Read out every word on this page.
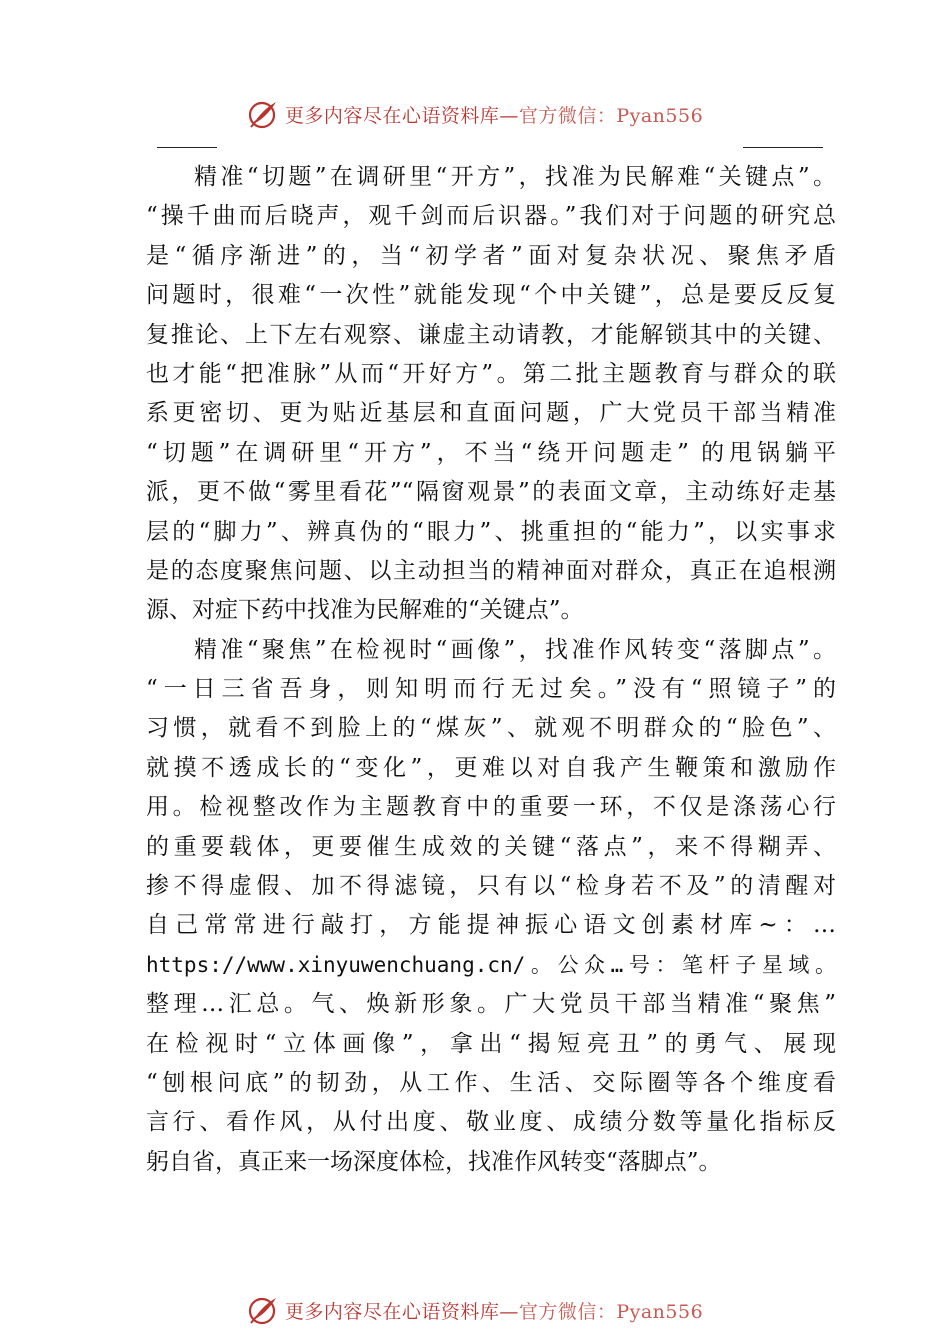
更多内容尽在心语资料库—官方微信：Pyan556
精准“切题”在调研里“开方”，找准为民解难“关键点”。
“操千曲而后晓声，观千剑而后识器。”我们对于问题的研究总
是“循序渐进”的，当“初学者”面对复杂状况、聚焦矛盾
问题时，很难“一次性”就能发现“个中关键”，总是要反反复
复推论、上下左右观察、谦虚主动请教，才能解锁其中的关键、
也才能“把准脉”从而“开好方”。第二批主题教育与群众的联
系更密切、更为贴近基层和直面问题，广大党员干部当精准
“切题”在调研里“开方”，不当“绕开问题走” 的甩锅躺平
派，更不做“雾里看花”“隔窗观景”的表面文章，主动练好走基
层的“脚力”、辨真伪的“眼力”、挑重担的“能力”，以实事求
是的态度聚焦问题、以主动担当的精神面对群众，真正在追根溯
源、对症下药中找准为民解难的“关键点”。
精准“聚焦”在检视时“画像”，找准作风转变“落脚点”。
“一日三省吾身，则知明而行无过矣。”没有“照镜子”的
习惯，就看不到脸上的“煤灰”、就观不明群众的“脸色”、
就摸不透成长的“变化”，更难以对自我产生鞭策和激励作
用。检视整改作为主题教育中的重要一环，不仅是涤荡心行
的重要载体，更要催生成效的关键“落点”，来不得糊弄、
掺不得虚假、加不得滤镜，只有以“检身若不及”的清醒对
自己常常进行敲打，方能提神振心语文创素材库~：…
https://www.xinyuwenchuang.cn/。公众…号：笔杆子星域。
整理…汇总。气、焕新形象。广大党员干部当精准“聚焦”
在检视时“立体画像”，拿出“揭短亮丑”的勇气、展现
“刨根问底”的韧劲，从工作、生活、交际圈等各个维度看
言行、看作风，从付出度、敬业度、成绩分数等量化指标反
躬自省，真正来一场深度体检，找准作风转变“落脚点”。
更多内容尽在心语资料库—官方微信：Pyan556
